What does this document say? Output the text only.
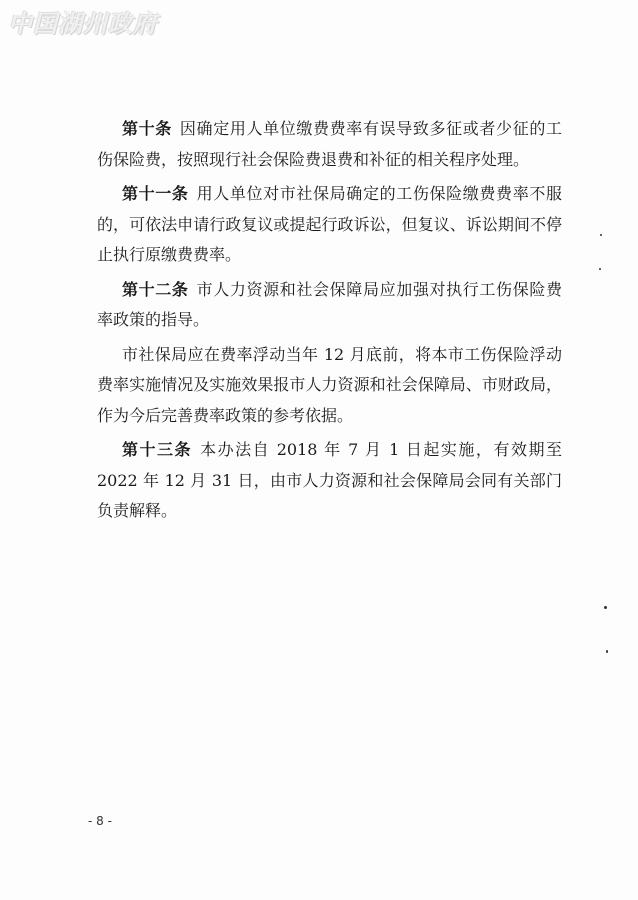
中国湖州政府

第十条 因确定用人单位缴费费率有误导致多征或者少征的工伤保险费，按照现行社会保险费退费和补征的相关程序处理。

第十一条 用人单位对市社保局确定的工伤保险缴费费率不服的，可依法申请行政复议或提起行政诉讼，但复议、诉讼期间不停止执行原缴费费率。

第十二条 市人力资源和社会保障局应加强对执行工伤保险费率政策的指导。

市社保局应在费率浮动当年 12 月底前，将本市工伤保险浮动费率实施情况及实施效果报市人力资源和社会保障局、市财政局，作为今后完善费率政策的参考依据。

第十三条 本办法自 2018 年 7 月 1 日起实施，有效期至 2022 年 12 月 31 日，由市人力资源和社会保障局会同有关部门负责解释。

- 8 -
